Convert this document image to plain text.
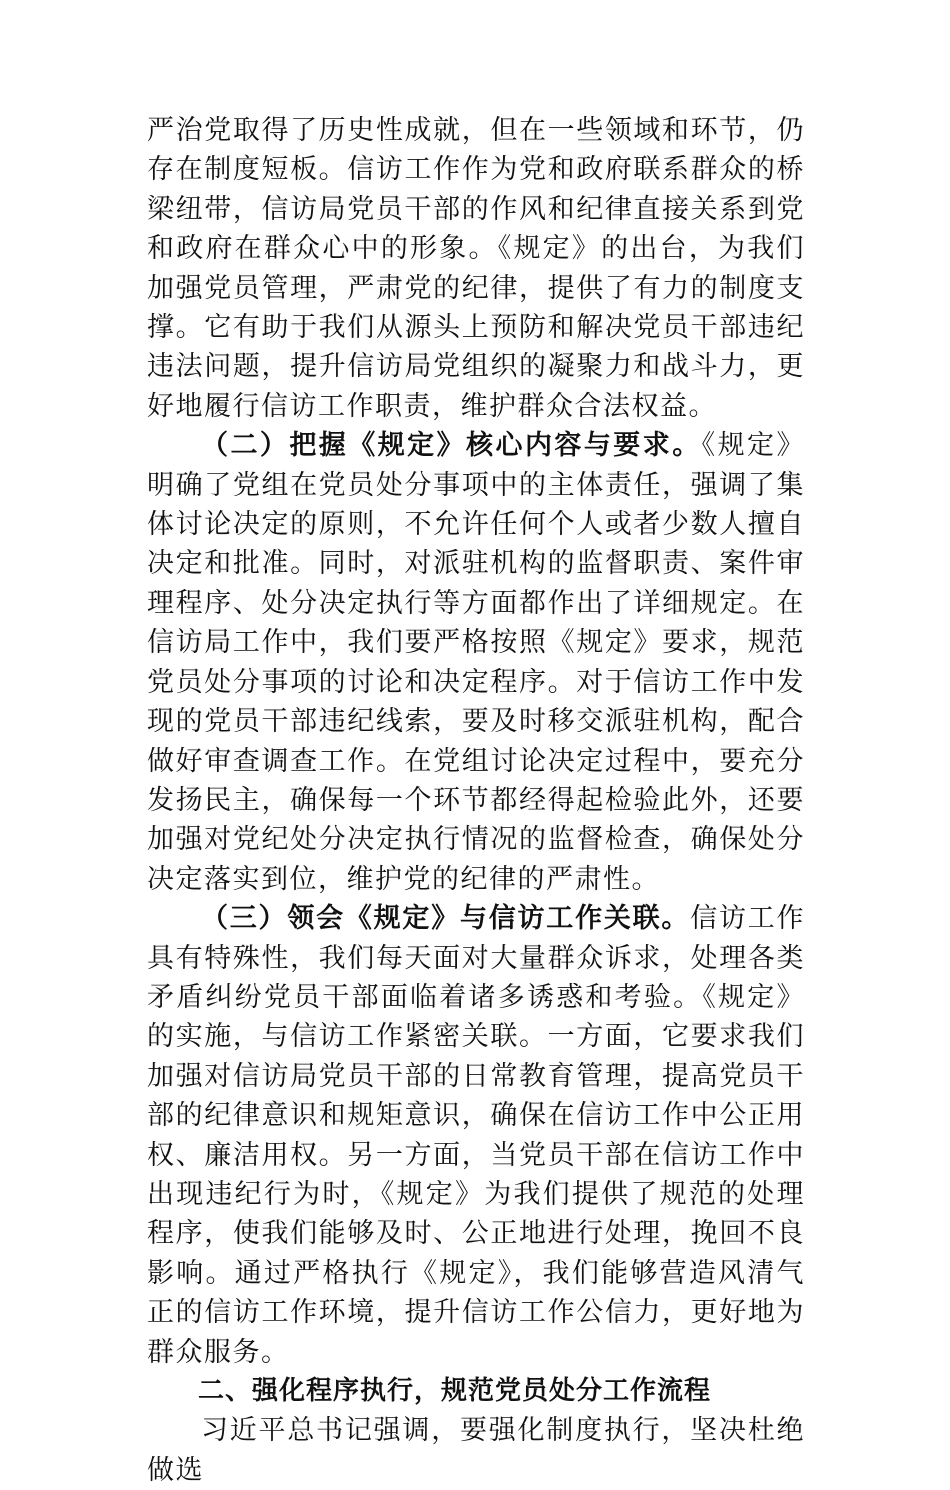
严治党取得了历史性成就，但在一些领域和环节，仍存在制度短板。信访工作作为党和政府联系群众的桥梁纽带，信访局党员干部的作风和纪律直接关系到党和政府在群众心中的形象。《规定》的出台，为我们加强党员管理，严肃党的纪律，提供了有力的制度支撑。它有助于我们从源头上预防和解决党员干部违纪违法问题，提升信访局党组织的凝聚力和战斗力，更好地履行信访工作职责，维护群众合法权益。

（二）把握《规定》核心内容与要求。《规定》明确了党组在党员处分事项中的主体责任，强调了集体讨论决定的原则，不允许任何个人或者少数人擅自决定和批准。同时，对派驻机构的监督职责、案件审理程序、处分决定执行等方面都作出了详细规定。在信访局工作中，我们要严格按照《规定》要求，规范党员处分事项的讨论和决定程序。对于信访工作中发现的党员干部违纪线索，要及时移交派驻机构，配合做好审查调查工作。在党组讨论决定过程中，要充分发扬民主，确保每一个环节都经得起检验此外，还要加强对党纪处分决定执行情况的监督检查，确保处分决定落实到位，维护党的纪律的严肃性。

（三）领会《规定》与信访工作关联。信访工作具有特殊性，我们每天面对大量群众诉求，处理各类矛盾纠纷党员干部面临着诸多诱惑和考验。《规定》的实施，与信访工作紧密关联。一方面，它要求我们加强对信访局党员干部的日常教育管理，提高党员干部的纪律意识和规矩意识，确保在信访工作中公正用权、廉洁用权。另一方面，当党员干部在信访工作中出现违纪行为时，《规定》为我们提供了规范的处理程序，使我们能够及时、公正地进行处理，挽回不良影响。通过严格执行《规定》，我们能够营造风清气正的信访工作环境，提升信访工作公信力，更好地为群众服务。

二、强化程序执行，规范党员处分工作流程

习近平总书记强调，要强化制度执行，坚决杜绝做选
